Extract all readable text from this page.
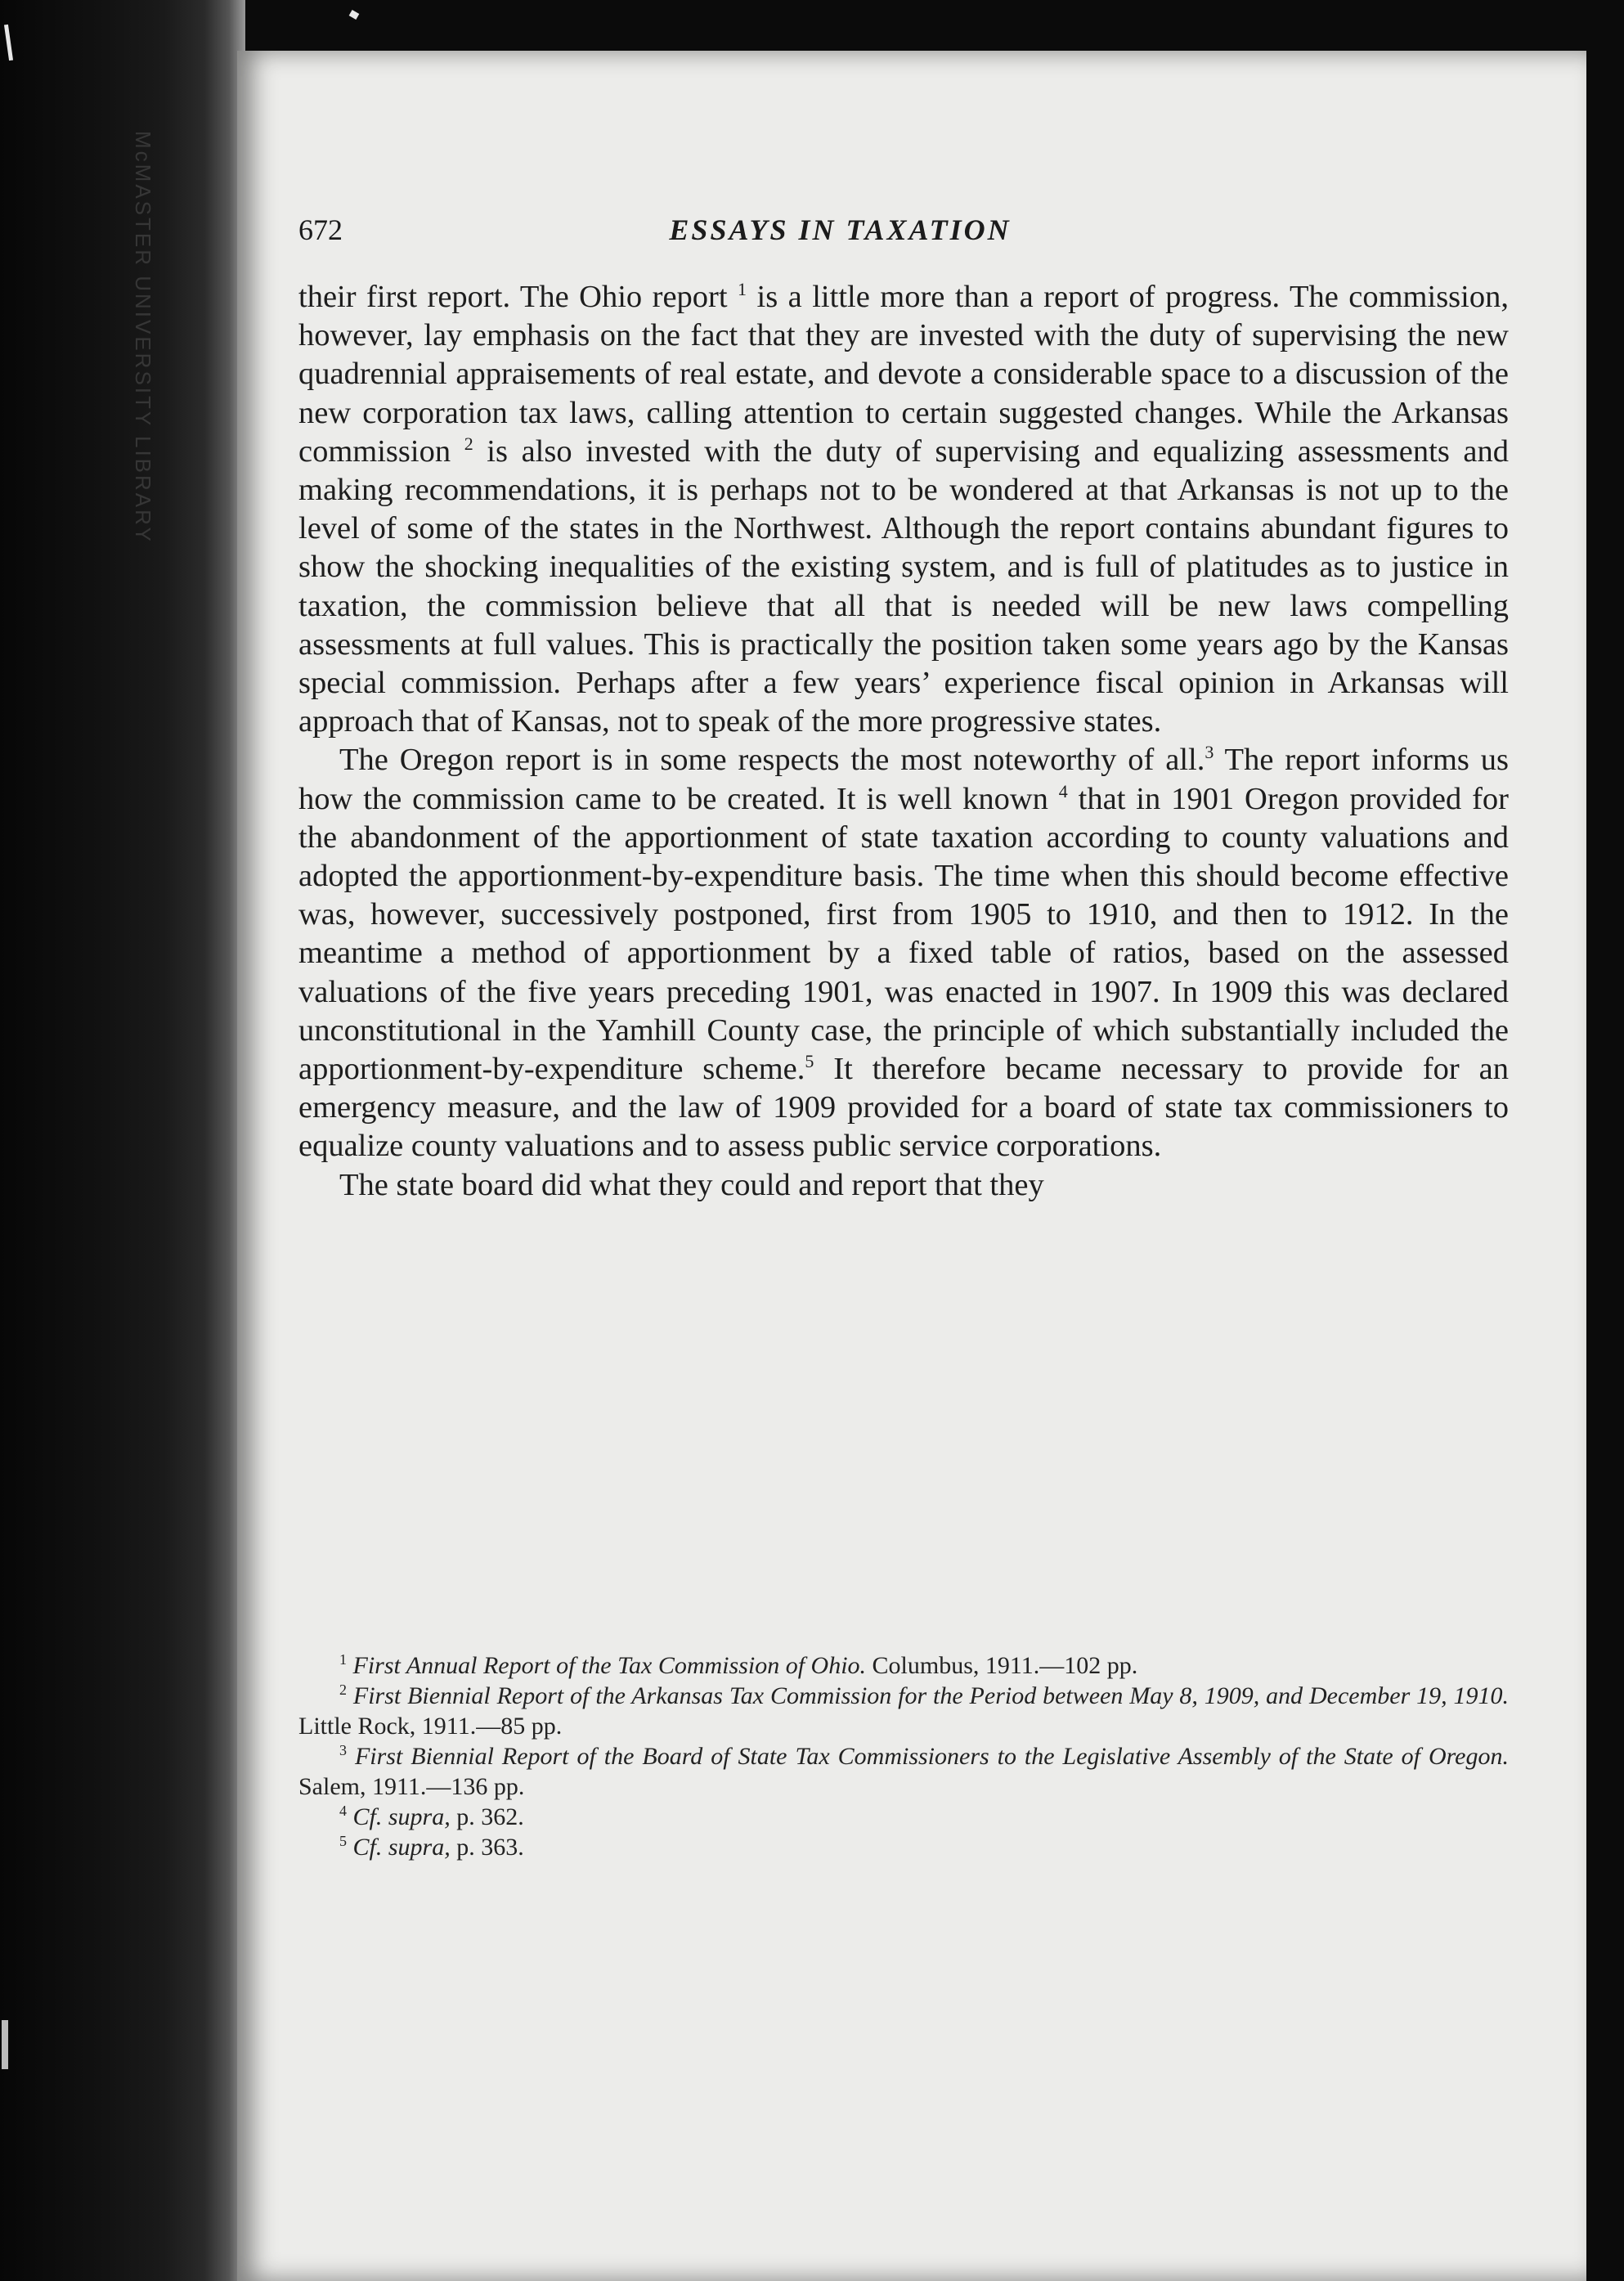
McMASTER UNIVERSITY LIBRARY	672	ESSAYS IN TAXATION

their first report. The Ohio report $^1$ is a little more than a report of progress. The commission, however, lay emphasis on the fact that they are invested with the duty of supervising the new quadrennial appraisements of real estate, and devote a considerable space to a discussion of the new corporation tax laws, calling attention to certain suggested changes. While the Arkansas commission $^2$ is also invested with the duty of supervising and equalizing assessments and making recommendations, it is perhaps not to be wondered at that Arkansas is not up to the level of some of the states in the Northwest. Although the report contains abundant figures to show the shocking inequalities of the existing system, and is full of platitudes as to justice in taxation, the commission believe that all that is needed will be new laws compelling assessments at full values. This is practically the position taken some years ago by the Kansas special commission. Perhaps after a few years’ experience fiscal opinion in Arkansas will approach that of Kansas, not to speak of the more progressive states.

The Oregon report is in some respects the most noteworthy of all.$^3$ The report informs us how the commission came to be created. It is well known $^4$ that in 1901 Oregon provided for the abandonment of the apportionment of state taxation according to county valuations and adopted the apportionment-by-expenditure basis. The time when this should become effective was, however, successively postponed, first from 1905 to 1910, and then to 1912. In the meantime a method of apportionment by a fixed table of ratios, based on the assessed valuations of the five years preceding 1901, was enacted in 1907. In 1909 this was declared unconstitutional in the Yamhill County case, the principle of which substantially included the apportionment-by-expenditure scheme.$^5$ It therefore became necessary to provide for an emergency measure, and the law of 1909 provided for a board of state tax commissioners to equalize county valuations and to assess public service corporations.

The state board did what they could and report that they

$^1$ First Annual Report of the Tax Commission of Ohio. Columbus, 1911.—102 pp.

$^2$ First Biennial Report of the Arkansas Tax Commission for the Period between May 8, 1909, and December 19, 1910. Little Rock, 1911.—85 pp.

$^3$ First Biennial Report of the Board of State Tax Commissioners to the Legislative Assembly of the State of Oregon. Salem, 1911.—136 pp.

$^4$ Cf. supra, p. 362.

$^5$ Cf. supra, p. 363.
